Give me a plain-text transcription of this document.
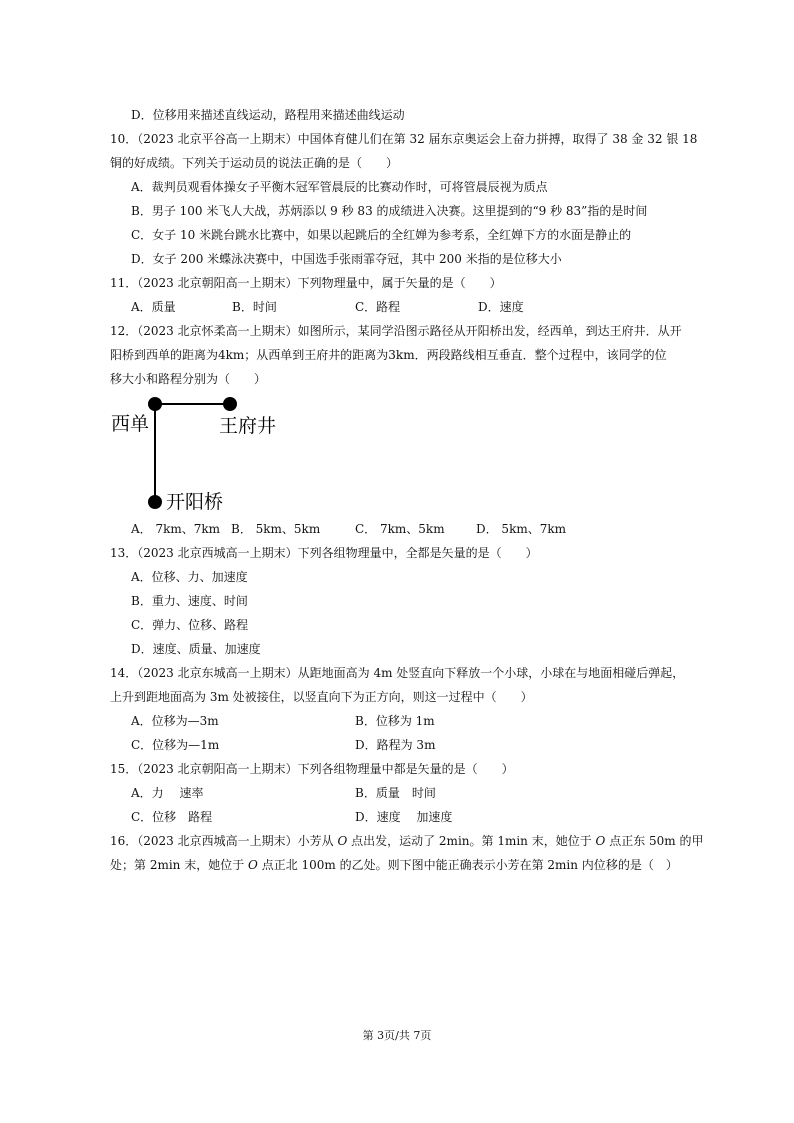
D．位移用来描述直线运动，路程用来描述曲线运动
10．（2023 北京平谷高一上期末）中国体育健儿们在第 32 届东京奥运会上奋力拼搏，取得了 38 金 32 银 18
铜的好成绩。下列关于运动员的说法正确的是（　　）
A．裁判员观看体操女子平衡木冠军管晨辰的比赛动作时，可将管晨辰视为质点
B．男子 100 米飞人大战，苏炳添以 9 秒 83 的成绩进入决赛。这里提到的“9 秒 83”指的是时间
C．女子 10 米跳台跳水比赛中，如果以起跳后的全红婵为参考系，全红婵下方的水面是静止的
D．女子 200 米蝶泳决赛中，中国选手张雨霏夺冠，其中 200 米指的是位移大小
11．（2023 北京朝阳高一上期末）下列物理量中，属于矢量的是（　　）
A．质量	B．时间	C．路程	D．速度
12．（2023 北京怀柔高一上期末）如图所示，某同学沿图示路径从开阳桥出发，经西单，到达王府井．从开
阳桥到西单的距离为4km；从西单到王府井的距离为3km．两段路线相互垂直．整个过程中，该同学的位
移大小和路程分别为（　　）
西单	王府井
开阳桥
A． 7km、7km B． 5km、5km	C． 7km、5km	D． 5km、7km
13．（2023 北京西城高一上期末）下列各组物理量中，全都是矢量的是（　　）
A．位移、力、加速度
B．重力、速度、时间
C．弹力、位移、路程
D．速度、质量、加速度
14．（2023 北京东城高一上期末）从距地面高为 4m 处竖直向下释放一个小球，小球在与地面相碰后弹起，
上升到距地面高为 3m 处被接住，以竖直向下为正方向，则这一过程中（　　）
A．位移为—3m	B．位移为 1m
C．位移为—1m	D．路程为 3m
15．（2023 北京朝阳高一上期末）下列各组物理量中都是矢量的是（　　）
A．力　 速率	B．质量　时间
C．位移　路程	D．速度　 加速度
16．（2023 北京西城高一上期末）小芳从 O 点出发，运动了 2min。第 1min 末，她位于 O 点正东 50m 的甲
处；第 2min 末，她位于 O 点正北 100m 的乙处。则下图中能正确表示小芳在第 2min 内位移的是（　）
第 3页/共 7页
